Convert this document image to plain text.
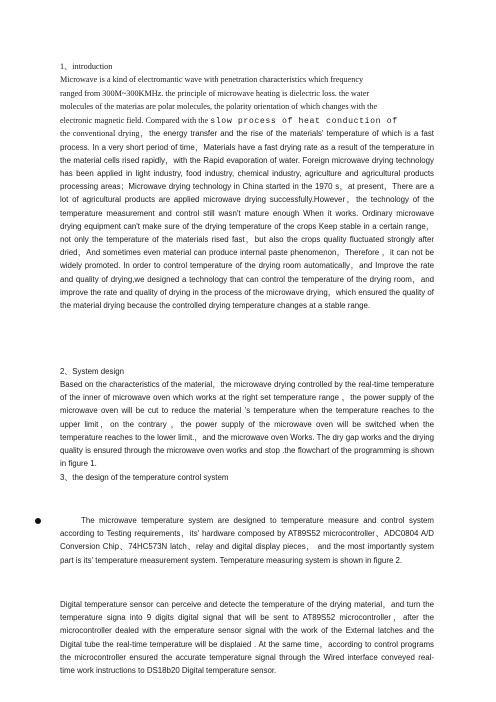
1、introduction

Microwave is a kind of electromantic wave with penetration characteristics which frequency

ranged from 300M~300KMHz. the principle of microwave heating is dielectric loss. the water

molecules of the materias are polar molecules, the polarity orientation of which changes with the

electronic magnetic field. Compared with the slow process of heat conduction of

the conventional drying，the energy transfer and the rise of the materials' temperature of which is a fast process. In a very short period of time，Materials have a fast drying rate as a result of the temperature in the material cells rised rapidly，with the Rapid evaporation of water. Foreign microwave drying technology has been applied in light industry, food industry, chemical industry, agriculture and agricultural products processing areas；Microwave drying technology in China started in the 1970 s，at present，There are a lot of agricultural products are applied microwave drying successfully.However，the technology of the temperature measurement and control still wasn't mature enough When it works. Ordinary microwave drying equipment can't make sure of the drying temperature of the crops Keep stable in a certain range，not only the temperature of the materials rised fast，but also the crops quality fluctuated strongly after dried，And sometimes even material can produce internal paste phenomenon，Therefore ，it can not be widely promoted. In order to control temperature of the drying room automatically，and Improve the rate and quality of drying,we designed a technology that can control the temperature of the drying room，and improve the rate and quality of drying in the process of the microwave drying，which ensured the quality of the material drying because the controlled drying temperature changes at a stable range.

2、System design

Based on the characteristics of the material，the microwave drying controlled by the real-time temperature of the inner of microwave oven which works at the right set temperature range ，the power supply of the microwave oven will be cut to reduce the material 's temperature when the temperature reaches to the upper limit，on the contrary ，the power supply of the microwave oven will be switched when the temperature reaches to the lower limit.，and the microwave oven Works. The dry gap works and the drying quality is ensured through the microwave oven works and stop .the flowchart of the programming is shown in figure 1.

3、the design of the temperature control system

The microwave temperature system are designed to temperature measure and control system according to Testing requirements，its' hardware composed by AT89S52 microcontroller、ADC0804 A/D Conversion Chip、74HC573N latch、relay and digital display pieces， and the most importantly system part is its' temperature measurement system. Temperature measuring system is shown in figure 2.

Digital temperature sensor can perceive and detecte the temperature of the drying material，and turn the temperature signa into 9 digits digital signal that will be sent to AT89S52 microcontroller，after the microcontroller dealed with the emperature sensor signal with the work of the External latches and the Digital tube the real-time temperature will be displaied . At the same time，according to control programs the microcontroller ensured the accurate temperature signal through the Wired interface conveyed real-time work instructions to DS18b20 Digital temperature sensor.
